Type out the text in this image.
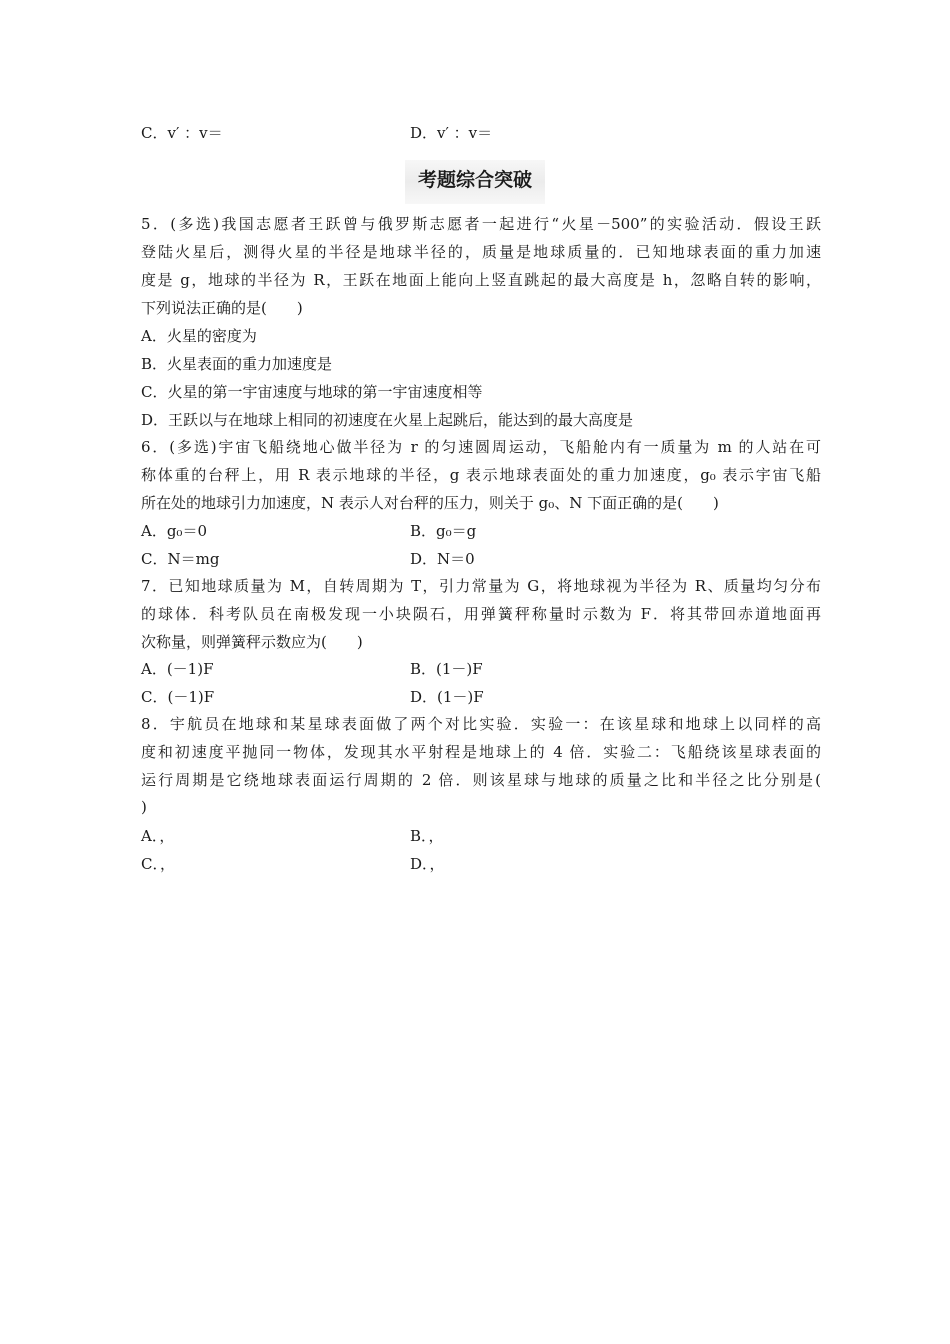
C．v′ ：v＝	D．v′ ：v＝
考题综合突破
5．(多选)我国志愿者王跃曾与俄罗斯志愿者一起进行“火星－500”的实验活动．假设王跃
登陆火星后，测得火星的半径是地球半径的，质量是地球质量的．已知地球表面的重力加速
度是 g，地球的半径为 R，王跃在地面上能向上竖直跳起的最大高度是 h，忽略自转的影响，
下列说法正确的是(　　)
A．火星的密度为
B．火星表面的重力加速度是
C．火星的第一宇宙速度与地球的第一宇宙速度相等
D．王跃以与在地球上相同的初速度在火星上起跳后，能达到的最大高度是
6．(多选)宇宙飞船绕地心做半径为 r 的匀速圆周运动，飞船舱内有一质量为 m 的人站在可
称体重的台秤上，用 R 表示地球的半径，g 表示地球表面处的重力加速度，g₀ 表示宇宙飞船
所在处的地球引力加速度，N 表示人对台秤的压力，则关于 g₀、N 下面正确的是(　　)
A．g₀＝0	B．g₀＝g
C．N＝mg	D．N＝0
7．已知地球质量为 M，自转周期为 T，引力常量为 G，将地球视为半径为 R、质量均匀分布
的球体．科考队员在南极发现一小块陨石，用弹簧秤称量时示数为 F．将其带回赤道地面再
次称量，则弹簧秤示数应为(　　)
A．(－1)F	B．(1－)F
C．(－1)F	D．(1－)F
8．宇航员在地球和某星球表面做了两个对比实验．实验一：在该星球和地球上以同样的高
度和初速度平抛同一物体，发现其水平射程是地球上的 4 倍．实验二：飞船绕该星球表面的
运行周期是它绕地球表面运行周期的 2 倍．则该星球与地球的质量之比和半径之比分别是(
)
A．，	B．，
C．，	D．，
